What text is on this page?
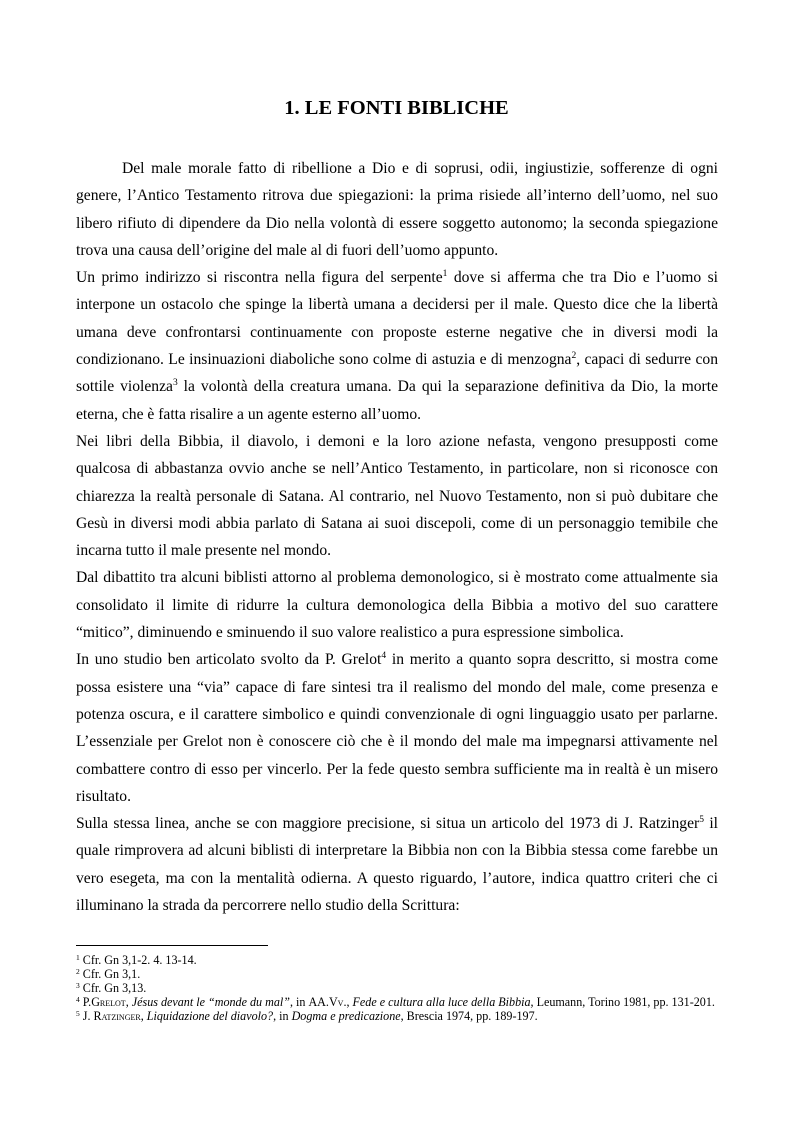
1. LE FONTI BIBLICHE

Del male morale fatto di ribellione a Dio e di soprusi, odii, ingiustizie, sofferenze di ogni genere, l’Antico Testamento ritrova due spiegazioni: la prima risiede all’interno dell’uomo, nel suo libero rifiuto di dipendere da Dio nella volontà di essere soggetto autonomo; la seconda spiegazione trova una causa dell’origine del male al di fuori dell’uomo appunto.

Un primo indirizzo si riscontra nella figura del serpente$^1$ dove si afferma che tra Dio e l’uomo si interpone un ostacolo che spinge la libertà umana a decidersi per il male. Questo dice che la libertà umana deve confrontarsi continuamente con proposte esterne negative che in diversi modi la condizionano. Le insinuazioni diaboliche sono colme di astuzia e di menzogna$^2$, capaci di sedurre con sottile violenza$^3$ la volontà della creatura umana. Da qui la separazione definitiva da Dio, la morte eterna, che è fatta risalire a un agente esterno all’uomo.

Nei libri della Bibbia, il diavolo, i demoni e la loro azione nefasta, vengono presupposti come qualcosa di abbastanza ovvio anche se nell’Antico Testamento, in particolare, non si riconosce con chiarezza la realtà personale di Satana. Al contrario, nel Nuovo Testamento, non si può dubitare che Gesù in diversi modi abbia parlato di Satana ai suoi discepoli, come di un personaggio temibile che incarna tutto il male presente nel mondo.

Dal dibattito tra alcuni biblisti attorno al problema demonologico, si è mostrato come attualmente sia consolidato il limite di ridurre la cultura demonologica della Bibbia a motivo del suo carattere “mitico”, diminuendo e sminuendo il suo valore realistico a pura espressione simbolica.

In uno studio ben articolato svolto da P. Grelot$^4$ in merito a quanto sopra descritto, si mostra come possa esistere una “via” capace di fare sintesi tra il realismo del mondo del male, come presenza e potenza oscura, e il carattere simbolico e quindi convenzionale di ogni linguaggio usato per parlarne. L’essenziale per Grelot non è conoscere ciò che è il mondo del male ma impegnarsi attivamente nel combattere contro di esso per vincerlo. Per la fede questo sembra sufficiente ma in realtà è un misero risultato.

Sulla stessa linea, anche se con maggiore precisione, si situa un articolo del 1973 di J. Ratzinger$^5$ il quale rimprovera ad alcuni biblisti di interpretare la Bibbia non con la Bibbia stessa come farebbe un vero esegeta, ma con la mentalità odierna. A questo riguardo, l’autore, indica quattro criteri che ci illuminano la strada da percorrere nello studio della Scrittura:

$^1$ Cfr. Gn 3,1-2. 4. 13-14.
$^2$ Cfr. Gn 3,1.
$^3$ Cfr. Gn 3,13.
$^4$ P.Grelot, Jésus devant le “monde du mal”, in AA.Vv., Fede e cultura alla luce della Bibbia, Leumann, Torino 1981, pp. 131-201.
$^5$ J. Ratzinger, Liquidazione del diavolo?, in Dogma e predicazione, Brescia 1974, pp. 189-197.
